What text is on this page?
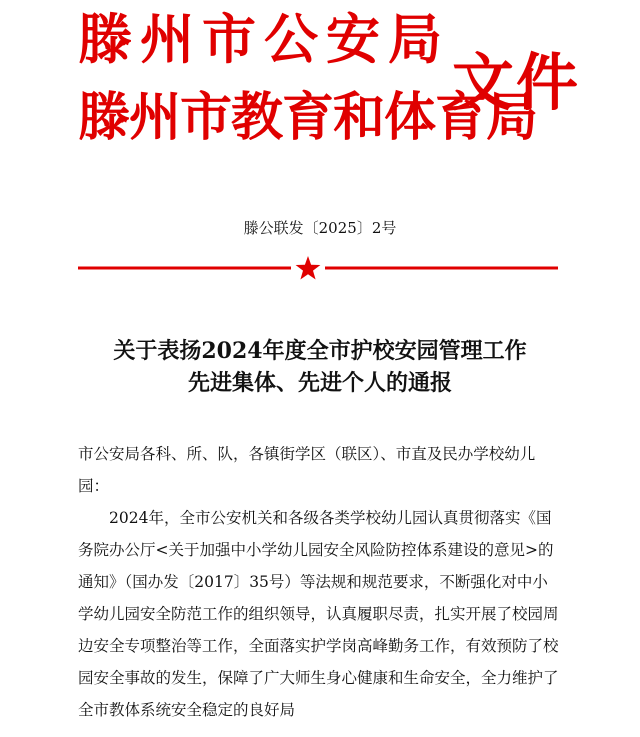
滕州市公安局
滕州市教育和体育局
文件
滕公联发〔2025〕2号
关于表扬2024年度全市护校安园管理工作
先进集体、先进个人的通报

市公安局各科、所、队，各镇街学区（联区）、市直及民办学校幼儿园：

2024年，全市公安机关和各级各类学校幼儿园认真贯彻落实《国务院办公厅<关于加强中小学幼儿园安全风险防控体系建设的意见>的通知》（国办发〔2017〕35号）等法规和规范要求，不断强化对中小学幼儿园安全防范工作的组织领导，认真履职尽责，扎实开展了校园周边安全专项整治等工作，全面落实护学岗高峰勤务工作，有效预防了校园安全事故的发生，保障了广大师生身心健康和生命安全，全力维护了全市教体系统安全稳定的良好局
